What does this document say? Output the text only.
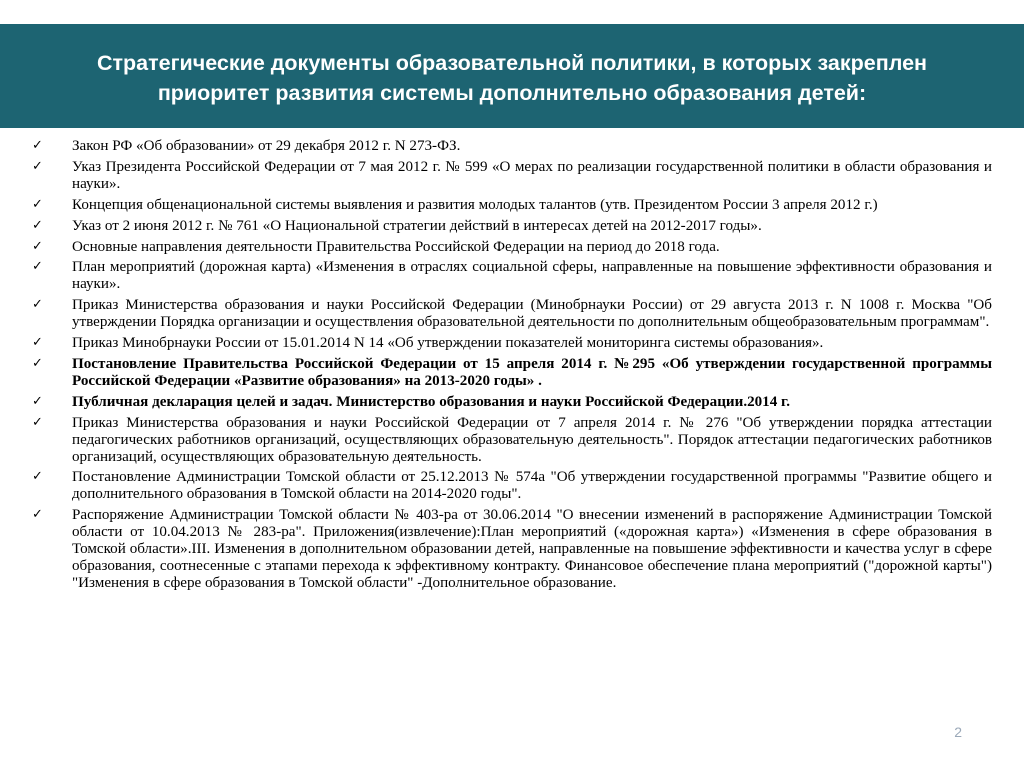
Стратегические документы образовательной политики, в которых закреплен
приоритет развития системы дополнительно образования детей:
✓ Закон РФ «Об образовании» от 29 декабря 2012 г. N 273-ФЗ.
✓ Указ Президента Российской Федерации от 7 мая 2012 г. № 599 «О мерах по реализации государственной политики в области образования и науки».
✓ Концепция общенациональной системы выявления и развития молодых талантов (утв. Президентом России 3 апреля 2012 г.)
✓ Указ от 2 июня 2012 г. № 761 «О Национальной стратегии действий в интересах детей на 2012-2017 годы».
✓ Основные направления деятельности Правительства Российской Федерации на период до 2018 года.
✓ План мероприятий (дорожная карта) «Изменения в отраслях социальной сферы, направленные на повышение эффективности образования и науки».
✓ Приказ Министерства образования и науки Российской Федерации (Минобрнауки России) от 29 августа 2013 г. N 1008 г. Москва "Об утверждении Порядка организации и осуществления образовательной деятельности по дополнительным общеобразовательным программам".
✓ Приказ Минобрнауки России от 15.01.2014 N 14 «Об утверждении показателей мониторинга системы образования».
✓ Постановление Правительства Российской Федерации от 15 апреля 2014 г. №295 «Об утверждении государственной программы Российской Федерации «Развитие образования» на 2013-2020 годы» .
✓ Публичная декларация целей и задач. Министерство образования и науки Российской Федерации.2014 г.
✓ Приказ Министерства образования и науки Российской Федерации от 7 апреля 2014 г. № 276 "Об утверждении порядка аттестации педагогических работников организаций, осуществляющих образовательную деятельность". Порядок аттестации педагогических работников организаций, осуществляющих образовательную деятельность.
✓ Постановление Администрации Томской области от 25.12.2013 № 574а "Об утверждении государственной программы "Развитие общего и дополнительного образования в Томской области на 2014-2020 годы".
✓ Распоряжение Администрации Томской области № 403-ра от 30.06.2014 "О внесении изменений в распоряжение Администрации Томской области от 10.04.2013 № 283-ра". Приложения(извлечение):План мероприятий («дорожная карта») «Изменения в сфере образования в Томской области».III. Изменения в дополнительном образовании детей, направленные на повышение эффективности и качества услуг в сфере образования, соотнесенные с этапами перехода к эффективному контракту. Финансовое обеспечение плана мероприятий ("дорожной карты") "Изменения в сфере образования в Томской области" -Дополнительное образование.
2
